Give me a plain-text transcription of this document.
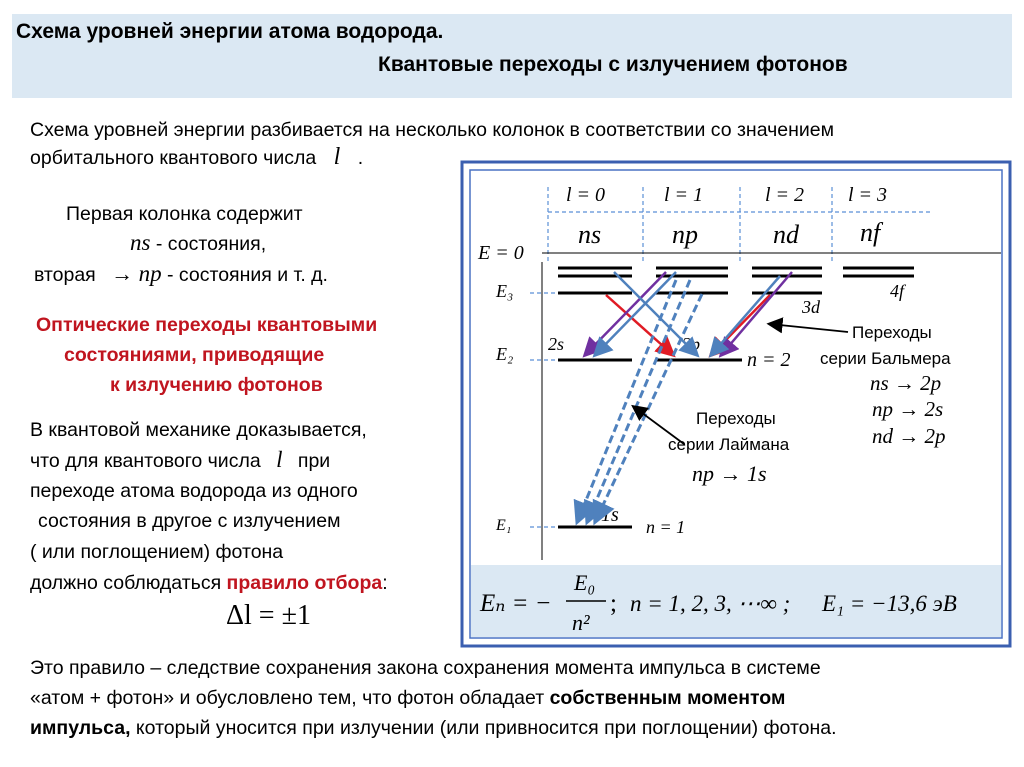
Схема уровней энергии атома водорода.
Квантовые переходы с излучением фотонов
Схема уровней энергии разбивается на несколько колонок в соответствии со значением
орбитального квантового числа l .
Первая колонка содержит
ns - состояния,
вторая → np - состояния и т. д.
Оптические переходы квантовыми
состояниями, приводящие
к излучению фотонов
В квантовой механике доказывается,
что для квантового числа l при
переходе атома водорода из одного
состояния в другое с излучением
( или поглощением) фотона
должно соблюдаться правило отбора:
Δl = ±1
Это правило – следствие сохранения закона сохранения момента импульса в системе
«атом + фотон» и обусловлено тем, что фотон обладает собственным моментом
импульса, который уносится при излучении (или привносится при поглощении) фотона.
l = 0	l = 1	l = 2 l = 3
ns	np	nd nf
E = 0
E₃
E₂
E₁
2s	2p
3d
4f
1s
n = 2
n = 1
Переходы
серии Бальмера
ns → 2p
np → 2s
nd → 2p
Переходы
серии Лаймана
np → 1s
Eₙ = −
E₀
n²
; n = 1, 2, 3, ⋯∞ ; E₁ = −13,6 эВ
